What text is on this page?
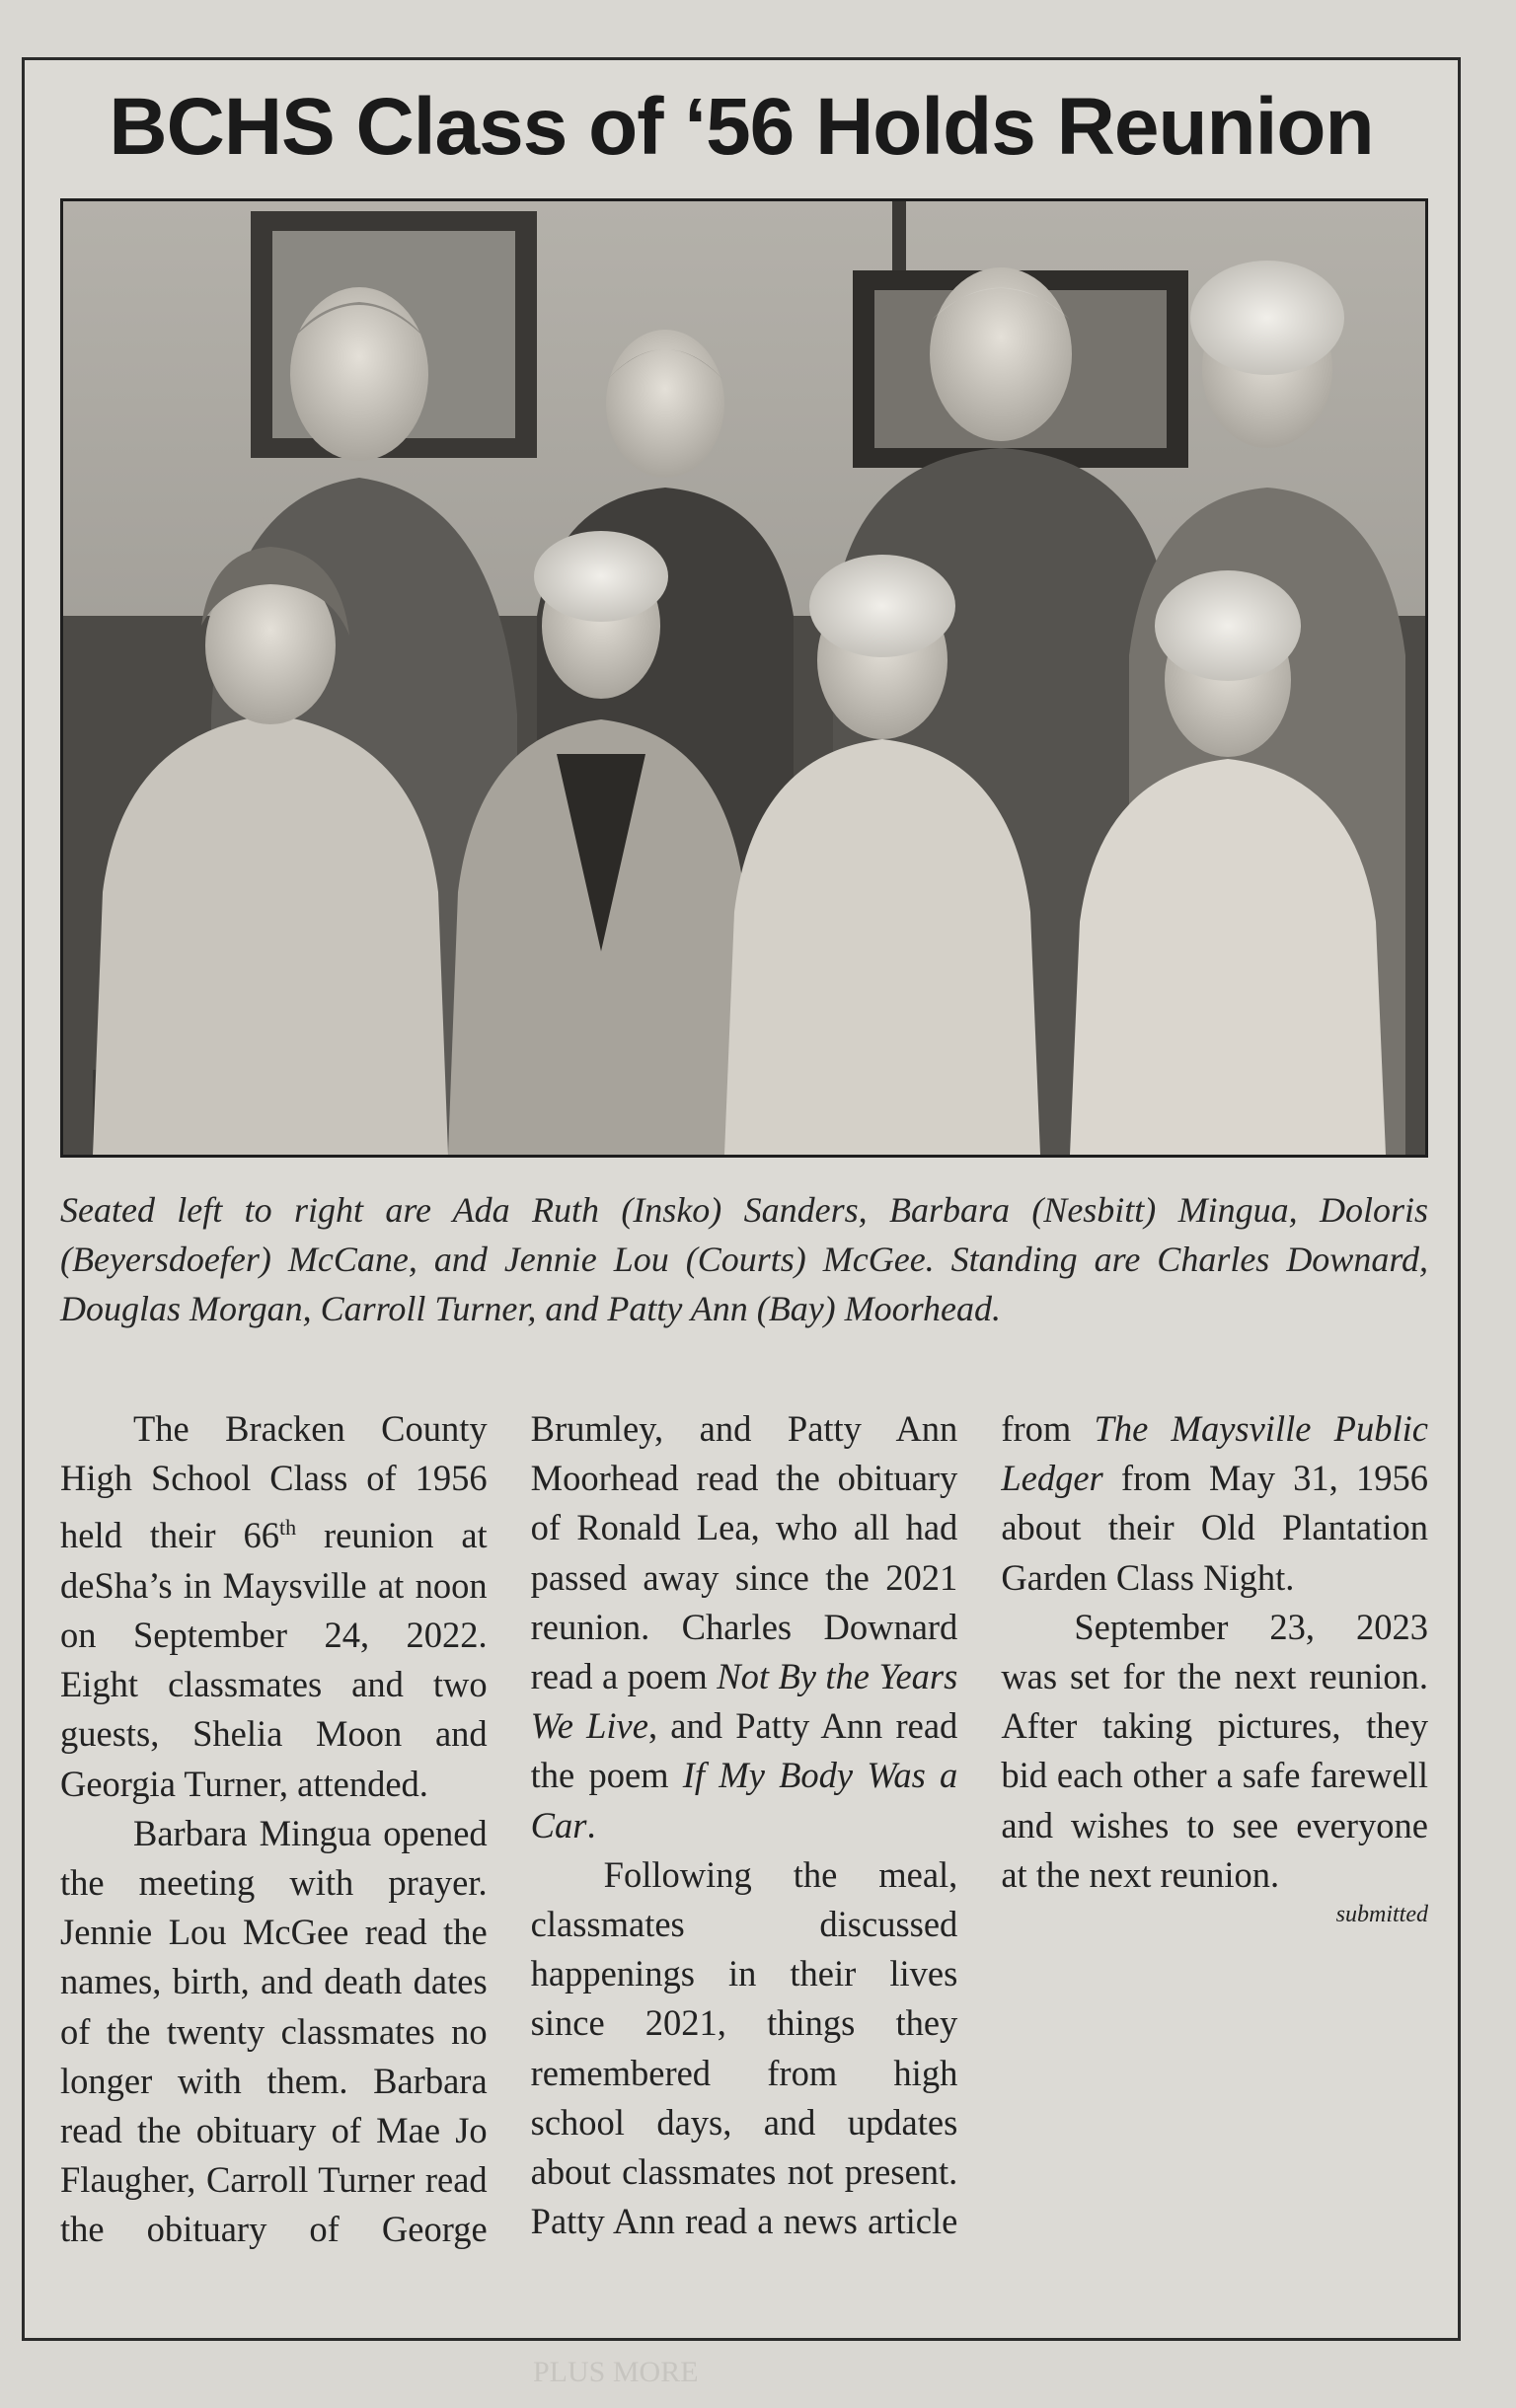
PLUS MORE
BCHS Class of ‘56 Holds Reunion

Seated left to right are Ada Ruth (Insko) Sanders, Barbara (Nesbitt) Mingua, Doloris (Beyersdoefer) McCane, and Jennie Lou (Courts) McGee. Standing are Charles Downard, Douglas Morgan, Carroll Turner, and Patty Ann (Bay) Moorhead.

The Bracken County High School Class of 1956 held their 66th reunion at deSha’s in Maysville at noon on September 24, 2022. Eight classmates and two guests, Shelia Moon and Georgia Turner, attended.

Barbara Mingua opened the meeting with prayer. Jennie Lou McGee read the names, birth, and death dates of the twenty classmates no longer with them. Barbara read the obituary of Mae Jo Flaugher, Carroll Turner read the obituary of George Brumley, and Patty Ann Moorhead read the obituary of Ronald Lea, who all had passed away since the 2021 reunion. Charles Downard read a poem Not By the Years We Live, and Patty Ann read the poem If My Body Was a Car.

Following the meal, classmates discussed happenings in their lives since 2021, things they remembered from high school days, and updates about classmates not present. Patty Ann read a news article from The Maysville Public Ledger from May 31, 1956 about their Old Plantation Garden Class Night.

September 23, 2023 was set for the next reunion. After taking pictures, they bid each other a safe farewell and wishes to see everyone at the next reunion.

submitted
